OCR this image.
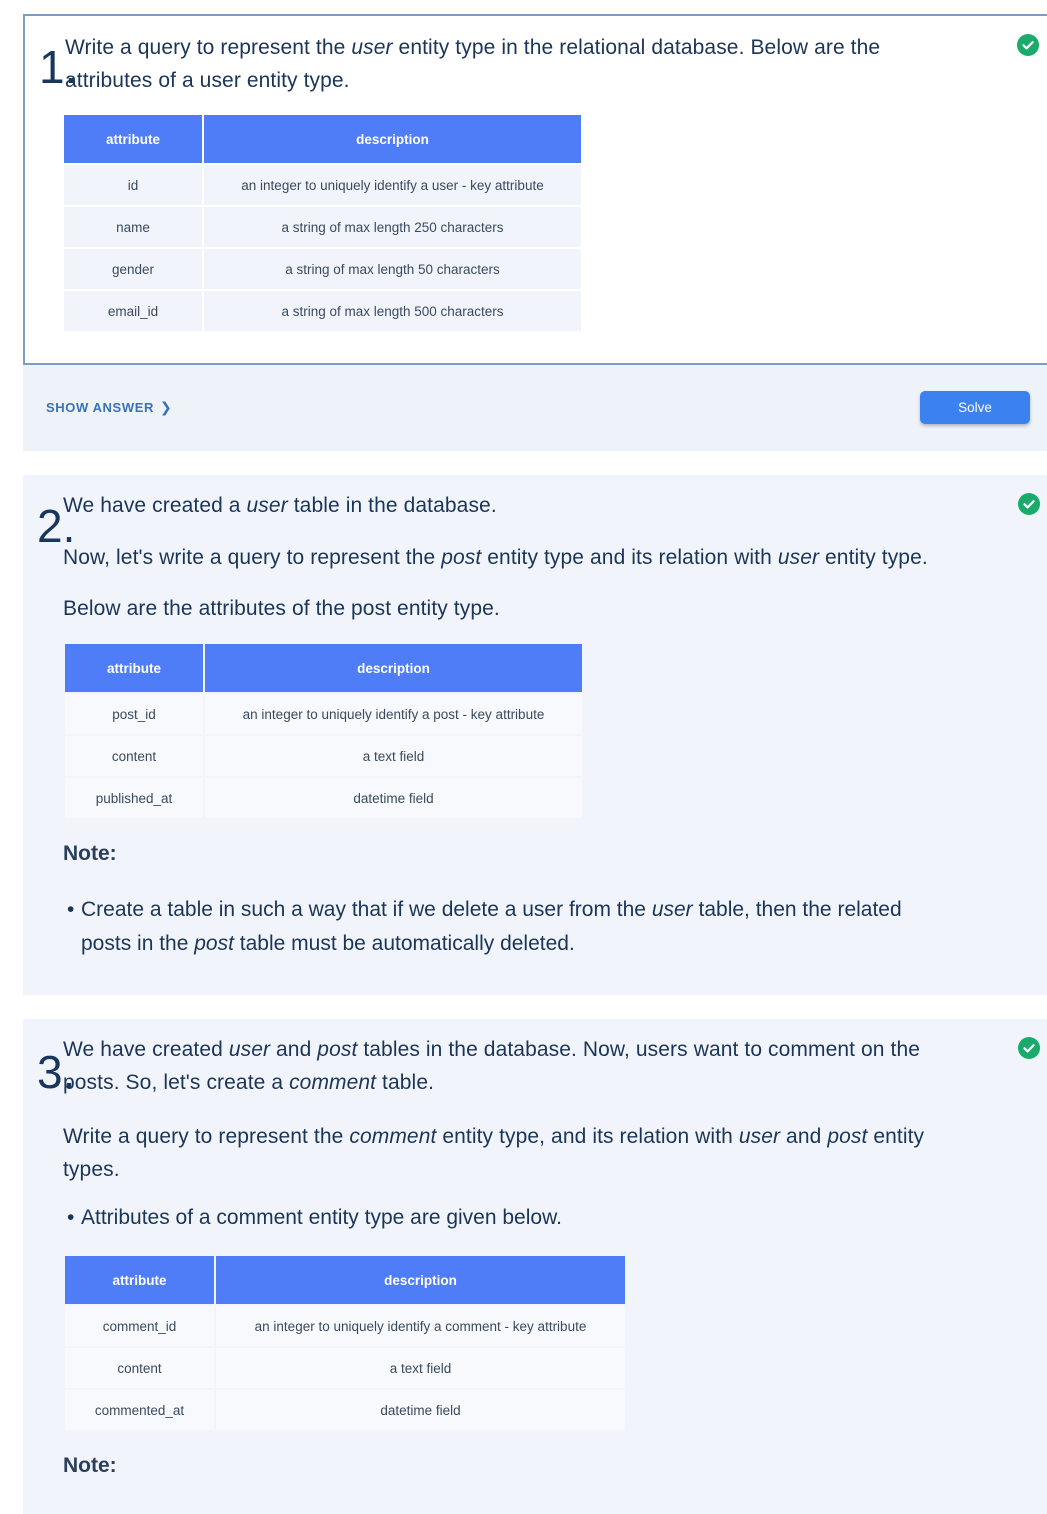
1.
Write a query to represent the user entity type in the relational database. Below are the
attributes of a user entity type.
attribute	description
id	an integer to uniquely identify a user - key attribute
name	a string of max length 250 characters
gender	a string of max length 50 characters
email_id	a string of max length 500 characters
SHOW ANSWER ❯	Solve
2.
We have created a user table in the database.
Now, let's write a query to represent the post entity type and its relation with user entity type.
Below are the attributes of the post entity type.
attribute	description
post_id	an integer to uniquely identify a post - key attribute
content	a text field
published_at	datetime field
Note:
• Create a table in such a way that if we delete a user from the user table, then the related
posts in the post table must be automatically deleted.
3.
We have created user and post tables in the database. Now, users want to comment on the
posts. So, let's create a comment table.
Write a query to represent the comment entity type, and its relation with user and post entity
types.
• Attributes of a comment entity type are given below.
attribute	description
comment_id	an integer to uniquely identify a comment - key attribute
content	a text field
commented_at	datetime field
Note:
